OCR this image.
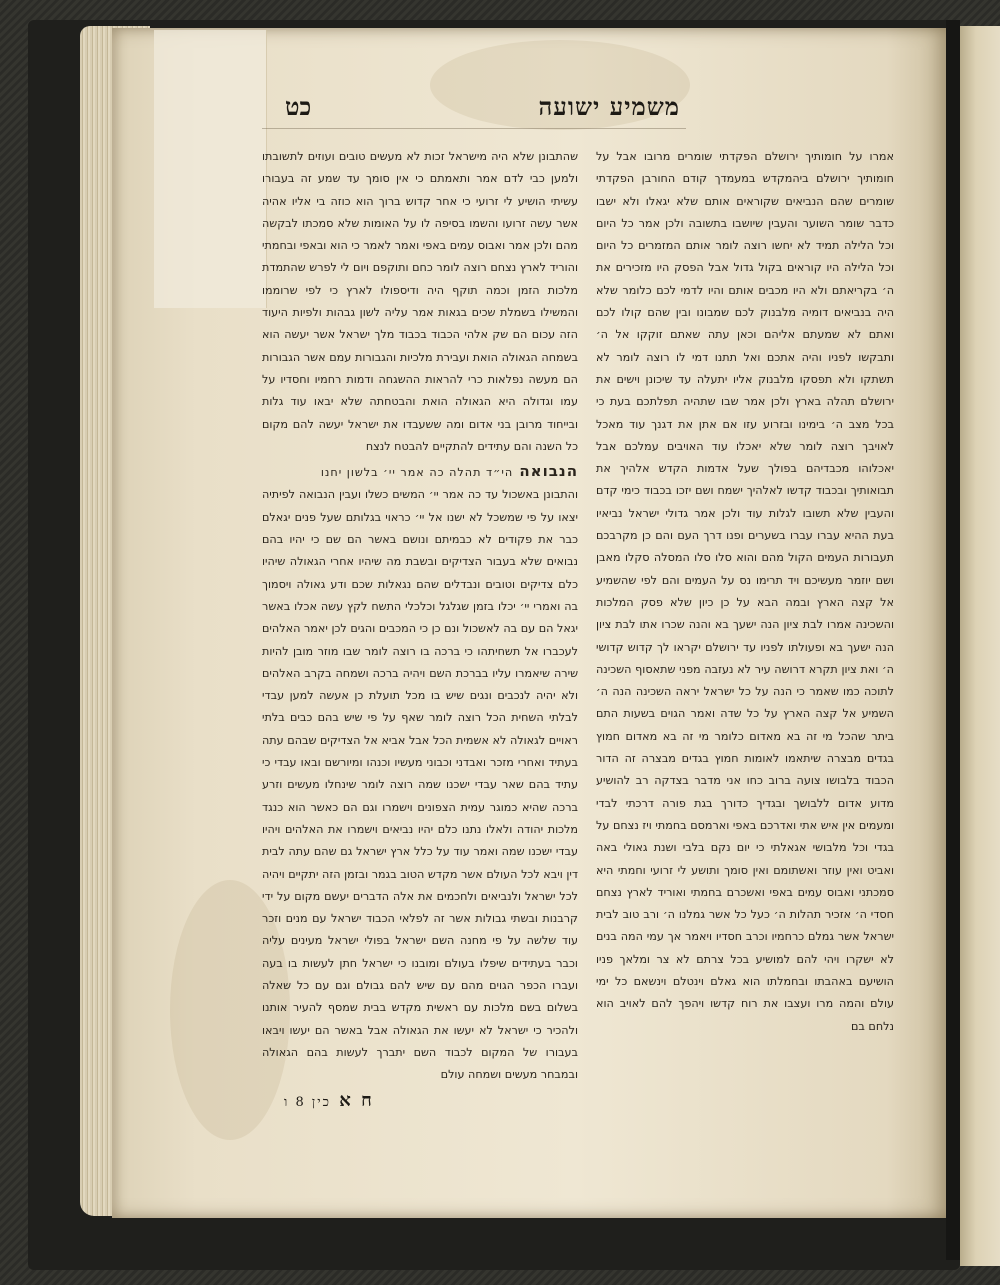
משמיע ישועה
כט

אמרו על חומותיך ירושלם הפקדתי שומרים מרובו אבל על חומותיך ירושלם ביהמקדש במעמדך קודם החורבן הפקדתי שומרים שהם הנביאים שקוראים אותם שלא יגאלו ולא ישבו כדבר שומר השוער והעבין שיושבו בתשובה ולכן אמר כל היום וכל הלילה תמיד לא יחשו רוצה לומר אותם המזמרים כל היום וכל הלילה היו קוראים בקול גדול אבל הפסק היו מזכירים את ה׳ בקריאתם ולא היו מכבים אותם והיו לדמי לכם כלומר שלא היה בנביאים דומיה מלבנוק לכם שמבונו ובין שהם קולו לכם ואתם לא שמעתם אליהם וכאן עתה שאתם זוקקו אל ה׳ ותבקשו לפניו והיה אתכם ואל תתנו דמי לו רוצה לומר לא תשתקו ולא תפסקו מלבנוק אליו יתעלה עד שיכונן וישים את ירושלם תהלה בארץ ולכן אמר שבו שתהיה תפלתכם בעת כי בכל מצב ה׳ בימינו ובזרוע עזו אם אתן את דגנך עוד מאכל לאויבך רוצה לומר שלא יאכלו עוד האויבים עמלכם אבל יאכלוהו מכבדיהם בפולך שעל אדמות הקדש אלהיך את תבואותיך ובכבוד קדשו לאלהיך ישמח ושם יזכו בכבוד כימי קדם והעבין שלא תשובו לגלות עוד ולכן אמר גדולי ישראל נביאיו בעת ההיא עברו עברו בשערים ופנו דרך העם והם כן מקרבכם תעבורות העמים הקול מהם והוא סלו סלו המסלה סקלו מאבן ושם יוזמר מעשיכם ויד תרימו נס על העמים והם לפי שהשמיע אל קצה הארץ ובמה הבא על כן כיון שלא פסק המלכות והשכינה אמרו לבת ציון הנה ישעך בא והנה שכרו אתו לבת ציון הנה ישעך בא ופעולתו לפניו עד ירושלם יקראו לך קדוש קדושי ה׳ ואת ציון תקרא דרושה עיר לא נעזבה מפני שתאסוף השכינה לתוכה כמו שאמר כי הנה על כל ישראל יראה השכינה הנה ה׳ השמיע אל קצה הארץ על כל שדה ואמר הגוים בשעות התם ביתר שהכל מי זה בא מאדום כלומר מי זה בא מאדום חמוץ בגדים מבצרה שיתאמו לאומות חמוץ בגדים מבצרה זה הדור הכבוד בלבושו צועה ברוב כחו אני מדבר בצדקה רב להושיע מדוע אדום ללבושך ובגדיך כדורך בגת פורה דרכתי לבדי ומעמים אין איש אתי ואדרכם באפי וארמסם בחמתי ויז נצחם על בגדי וכל מלבושי אגאלתי כי יום נקם בלבי ושנת גאולי באה ואביט ואין עוזר ואשתומם ואין סומך ותושע לי זרועי וחמתי היא סמכתני ואבוס עמים באפי ואשכרם בחמתי ואוריד לארץ נצחם חסדי ה׳ אזכיר תהלות ה׳ כעל כל אשר גמלנו ה׳ ורב טוב לבית ישראל אשר גמלם כרחמיו וכרב חסדיו ויאמר אך עמי המה בנים לא ישקרו ויהי להם למושיע בכל צרתם לא צר ומלאך פניו הושיעם באהבתו ובחמלתו הוא גאלם וינטלם וינשאם כל ימי עולם והמה מרו ועצבו את רוח קדשו ויהפך להם לאויב הוא נלחם בם

שהתבונן שלא היה מישראל זכות לא מעשים טובים ועוזים לתשובתו ולמען כבי לדם אמר ותאמתם כי אין סומך עד שמע זה בעבורו עשיתי הושיע לי זרועי כי אחר קדוש ברוך הוא כוזה בי אליו אהיה אשר עשה זרועו והשמו בסיפה לו על האומות שלא סמכתו לבקשה מהם ולכן אמר ואבוס עמים באפי ואמר לאמר כי הוא ובאפי ובחמתי והוריד לארץ נצחם רוצה לומר כחם ותוקפם ויום לי לפרש שהתמדת מלכות הזמן וכמה תוקף היה ודיספולו לארץ כי לפי שרוממו והמשילו בשמלת שכים בגאות אמר עליה לשון גבהות ולפיות היעוד הזה עכום הם שק אלהי הכבוד בכבוד מלך ישראל אשר יעשה הוא בשמחה הגאולה הואת ועבירת מלכיות והגבורות עמם אשר הגבורות הם מעשה נפלאות כרי להראות ההשגחה ודמות רחמיו וחסדיו על עמו וגדולה היא הגאולה הואת והבטחתה שלא יבאו עוד גלות ובייחוד מרובן בני אדום ומה ששעבדו את ישראל יעשה להם מקום כל השנה והם עתידים להתקיים להבטח לנצח

הנבואה הי״ד תהלה כה אמר יי׳ בלשון יחנו

והתבונן באשכול עד כה אמר יי׳ המשים כשלו ועבין הנבואה לפיתיה יצאו על פי שמשכל לא ישנו אל יי׳ כראוי בגלותם שעל פנים יגאלם כבר את פקודים לא כבמיתם ונושם באשר הם שם כי יהיו בהם נבואים שלא בעבור הצדיקים ובשבת מה שיהיו אחרי הגאולה שיהיו כלם צדיקים וטובים ונבדלים שהם נגאלות שכם ודע גאולה ויסמוך בה ואמרי יי׳ יכלו בזמן שגלגל וכלכלי התשח לקץ עשה אכלו באשר יגאל הם עם בה לאשכול ונם כן כי המכבים והגים לכן יאמר האלהים לעכברו אל תשחיתהו כי ברכה בו רוצה לומר שבו מוזר מובן להיות שירה שיאמרו עליו בברכת השם ויהיה ברכה ושמחה בקרב האלהים ולא יהיה לנכבים ונגים שיש בו מכל תועלת כן אעשה למען עבדי לבלתי השחית הכל רוצה לומר שאף על פי שיש בהם כבים בלתי ראויים לגאולה לא אשמית הכל אבל אביא אל הצדיקים שבהם עתה בעתיד ואחרי מזכר ואבדני וכבוני מעשיו וכנהו ומיורשם ובאו עבדי כי עתיד בהם שאר עבדי ישכנו שמה רוצה לומר שינחלו מעשים וזרע ברכה שהיא כמוגר עמית הצפונים וישמרו וגם הם כאשר הוא כנגד מלכות יהודה ולאלו נתנו כלם יהיו נביאים וישמרו את האלהים ויהיו עבדי ישכנו שמה ואמר עוד על כלל ארץ ישראל גם שהם עתה לבית דין ויבא לכל העולם אשר מקדש הטוב בגמר ובזמן הזה יתקיים ויהיה לכל ישראל ולנביאים ולחכמים את אלה הדברים יעשם מקום על ידי קרבנות ובשתי גבולות אשר זה לפלאי הכבוד ישראל עם מנים וזכר עוד שלשה על פי מחנה השם ישראל בפולי ישראל מעינים עליה וכבר בעתידים שיפלו בעולם ומובנו כי ישראל חתן לעשות בו בעה ועברו הכפר הגוים מהם עם שיש להם גבולם וגם עם כל שאלה בשלום בשם מלכות עם ראשית מקדש בבית שמסף להעיר אותנו ולהכיר כי ישראל לא יעשו את הגאולה אבל באשר הם יעשו ויבאו בעבורו של המקום לכבוד השם יתברך לעשות בהם הגאולה ובמבחר מעשים ושמחה עולם

ח א כין 8 ו
